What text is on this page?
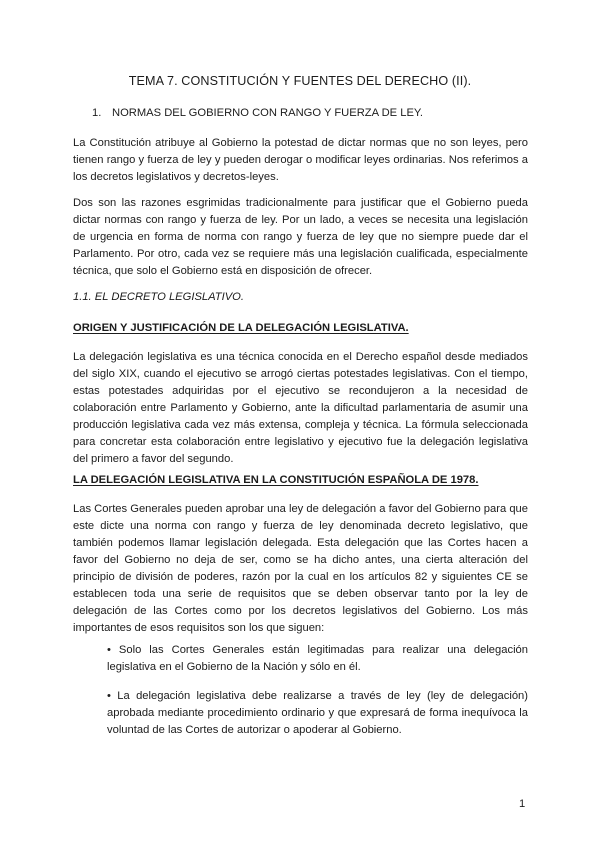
TEMA 7. CONSTITUCIÓN Y FUENTES DEL DERECHO (II).
1. NORMAS DEL GOBIERNO CON RANGO Y FUERZA DE LEY.

La Constitución atribuye al Gobierno la potestad de dictar normas que no son leyes, pero tienen rango y fuerza de ley y pueden derogar o modificar leyes ordinarias. Nos referimos a los decretos legislativos y decretos-leyes.

Dos son las razones esgrimidas tradicionalmente para justificar que el Gobierno pueda dictar normas con rango y fuerza de ley. Por un lado, a veces se necesita una legislación de urgencia en forma de norma con rango y fuerza de ley que no siempre puede dar el Parlamento. Por otro, cada vez se requiere más una legislación cualificada, especialmente técnica, que solo el Gobierno está en disposición de ofrecer.

1.1. EL DECRETO LEGISLATIVO.
ORIGEN Y JUSTIFICACIÓN DE LA DELEGACIÓN LEGISLATIVA.

La delegación legislativa es una técnica conocida en el Derecho español desde mediados del siglo XIX, cuando el ejecutivo se arrogó ciertas potestades legislativas. Con el tiempo, estas potestades adquiridas por el ejecutivo se recondujeron a la necesidad de colaboración entre Parlamento y Gobierno, ante la dificultad parlamentaria de asumir una producción legislativa cada vez más extensa, compleja y técnica. La fórmula seleccionada para concretar esta colaboración entre legislativo y ejecutivo fue la delegación legislativa del primero a favor del segundo.

LA DELEGACIÓN LEGISLATIVA EN LA CONSTITUCIÓN ESPAÑOLA DE 1978.

Las Cortes Generales pueden aprobar una ley de delegación a favor del Gobierno para que este dicte una norma con rango y fuerza de ley denominada decreto legislativo, que también podemos llamar legislación delegada. Esta delegación que las Cortes hacen a favor del Gobierno no deja de ser, como se ha dicho antes, una cierta alteración del principio de división de poderes, razón por la cual en los artículos 82 y siguientes CE se establecen toda una serie de requisitos que se deben observar tanto por la ley de delegación de las Cortes como por los decretos legislativos del Gobierno. Los más importantes de esos requisitos son los que siguen:

• Solo las Cortes Generales están legitimadas para realizar una delegación legislativa en el Gobierno de la Nación y sólo en él.

• La delegación legislativa debe realizarse a través de ley (ley de delegación) aprobada mediante procedimiento ordinario y que expresará de forma inequívoca la voluntad de las Cortes de autorizar o apoderar al Gobierno.

1
